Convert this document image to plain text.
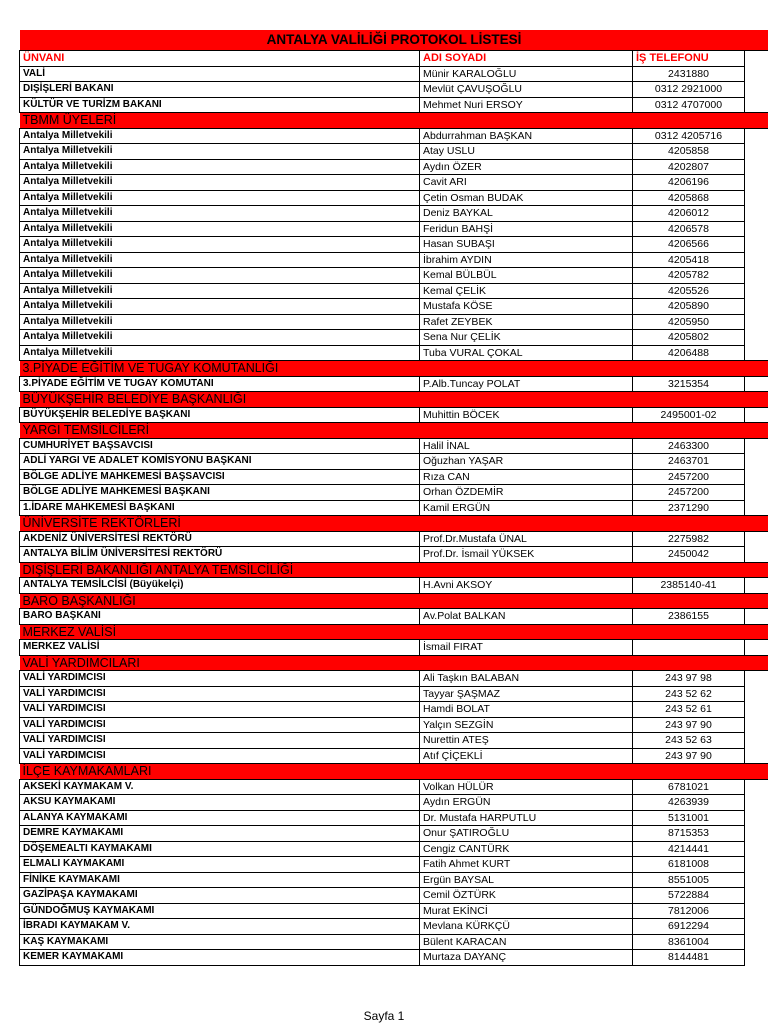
ANTALYA VALİLİĞİ PROTOKOL LİSTESİ			
ÜNVANI	ADI SOYADI	İŞ TELEFONU	
VALİ	Münir KARALOĞLU	2431880	
DIŞİŞLERİ BAKANI	Mevlüt ÇAVUŞOĞLU	0312 2921000	
KÜLTÜR VE TURİZM BAKANI	Mehmet Nuri ERSOY	0312 4707000	
TBMM ÜYELERİ			
Antalya Milletvekili	Abdurrahman BAŞKAN	0312 4205716	
Antalya Milletvekili	Atay USLU	4205858	
Antalya Milletvekili	Aydın ÖZER	4202807	
Antalya Milletvekili	Cavit ARI	4206196	
Antalya Milletvekili	Çetin Osman BUDAK	4205868	
Antalya Milletvekili	Deniz BAYKAL	4206012	
Antalya Milletvekili	Feridun BAHŞİ	4206578	
Antalya Milletvekili	Hasan SUBAŞI	4206566	
Antalya Milletvekili	İbrahim AYDIN	4205418	
Antalya Milletvekili	Kemal BÜLBÜL	4205782	
Antalya Milletvekili	Kemal ÇELİK	4205526	
Antalya Milletvekili	Mustafa KÖSE	4205890	
Antalya Milletvekili	Rafet ZEYBEK	4205950	
Antalya Milletvekili	Sena Nur ÇELİK	4205802	
Antalya Milletvekili	Tuba VURAL ÇOKAL	4206488	
3.PİYADE EĞİTİM VE TUGAY KOMUTANLIĞI			
3.PİYADE EĞİTİM VE TUGAY KOMUTANI	P.Alb.Tuncay POLAT	3215354	
BÜYÜKŞEHİR BELEDİYE BAŞKANLIĞI			
BÜYÜKŞEHİR BELEDİYE BAŞKANI	Muhittin BÖCEK	2495001-02	
YARGI TEMSİLCİLERİ			
CUMHURİYET BAŞSAVCISI	Halil İNAL	2463300	
ADLİ YARGI VE ADALET KOMİSYONU BAŞKANI	Oğuzhan YAŞAR	2463701	
BÖLGE ADLİYE MAHKEMESİ BAŞSAVCISI	Rıza CAN	2457200	
BÖLGE ADLİYE MAHKEMESİ BAŞKANI	Orhan ÖZDEMİR	2457200	
1.İDARE MAHKEMESİ BAŞKANI	Kamil ERGÜN	2371290	
ÜNİVERSİTE REKTÖRLERİ			
AKDENİZ ÜNİVERSİTESİ REKTÖRÜ	Prof.Dr.Mustafa ÜNAL	2275982	
ANTALYA BİLİM ÜNİVERSİTESİ REKTÖRÜ	Prof.Dr. İsmail YÜKSEK	2450042	
DIŞİŞLERİ BAKANLIĞI ANTALYA TEMSİLCİLİĞİ			
ANTALYA TEMSİLCİSİ (Büyükelçi)	H.Avni AKSOY	2385140-41	
BARO BAŞKANLIĞI			
BARO BAŞKANI	Av.Polat BALKAN	2386155	
MERKEZ VALİSİ			
MERKEZ VALİSİ	İsmail FIRAT		
VALİ YARDIMCILARI			
VALİ YARDIMCISI	Ali Taşkın BALABAN	243 97 98	
VALİ YARDIMCISI	Tayyar ŞAŞMAZ	243 52 62	
VALİ YARDIMCISI	Hamdi BOLAT	243 52 61	
VALİ YARDIMCISI	Yalçın SEZGİN	243 97 90	
VALİ YARDIMCISI	Nurettin ATEŞ	243 52 63	
VALİ YARDIMCISI	Atıf ÇİÇEKLİ	243 97 90	
İLÇE KAYMAKAMLARI			
AKSEKİ KAYMAKAM V.	Volkan HÜLÜR	6781021	
AKSU KAYMAKAMI	Aydın ERGÜN	4263939	
ALANYA KAYMAKAMI	Dr. Mustafa HARPUTLU	5131001	
DEMRE KAYMAKAMI	Onur ŞATIROĞLU	8715353	
DÖŞEMEALTI KAYMAKAMI	Cengiz CANTÜRK	4214441	
ELMALI KAYMAKAMI	Fatih Ahmet KURT	6181008	
FİNİKE KAYMAKAMI	Ergün BAYSAL	8551005	
GAZİPAŞA KAYMAKAMI	Cemil ÖZTÜRK	5722884	
GÜNDOĞMUŞ KAYMAKAMI	Murat EKİNCİ	7812006	
İBRADI KAYMAKAM V.	Mevlana KÜRKÇÜ	6912294	
KAŞ KAYMAKAMI	Bülent KARACAN	8361004	
KEMER KAYMAKAMI	Murtaza DAYANÇ	8144481	
Sayfa 1
